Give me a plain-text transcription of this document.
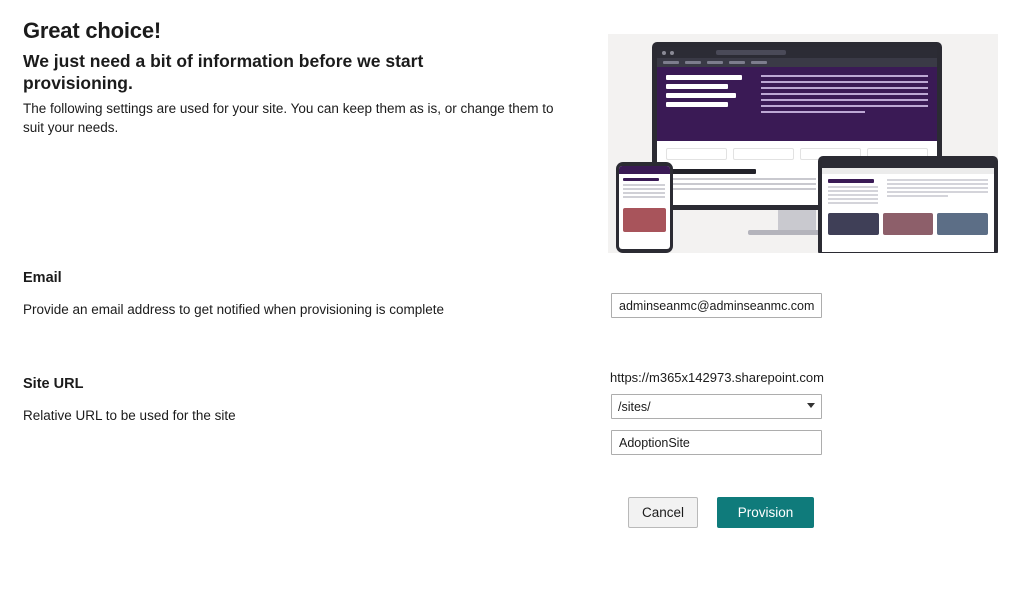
Great choice!
We just need a bit of information before we start provisioning.

The following settings are used for your site. You can keep them as is, or change them to suit your needs.

Email
Provide an email address to get notified when provisioning is complete
adminseanmc@adminseanmc.com
Site URL
Relative URL to be used for the site
https://m365x142973.sharepoint.com
/sites/
AdoptionSite
Cancel	Provision
